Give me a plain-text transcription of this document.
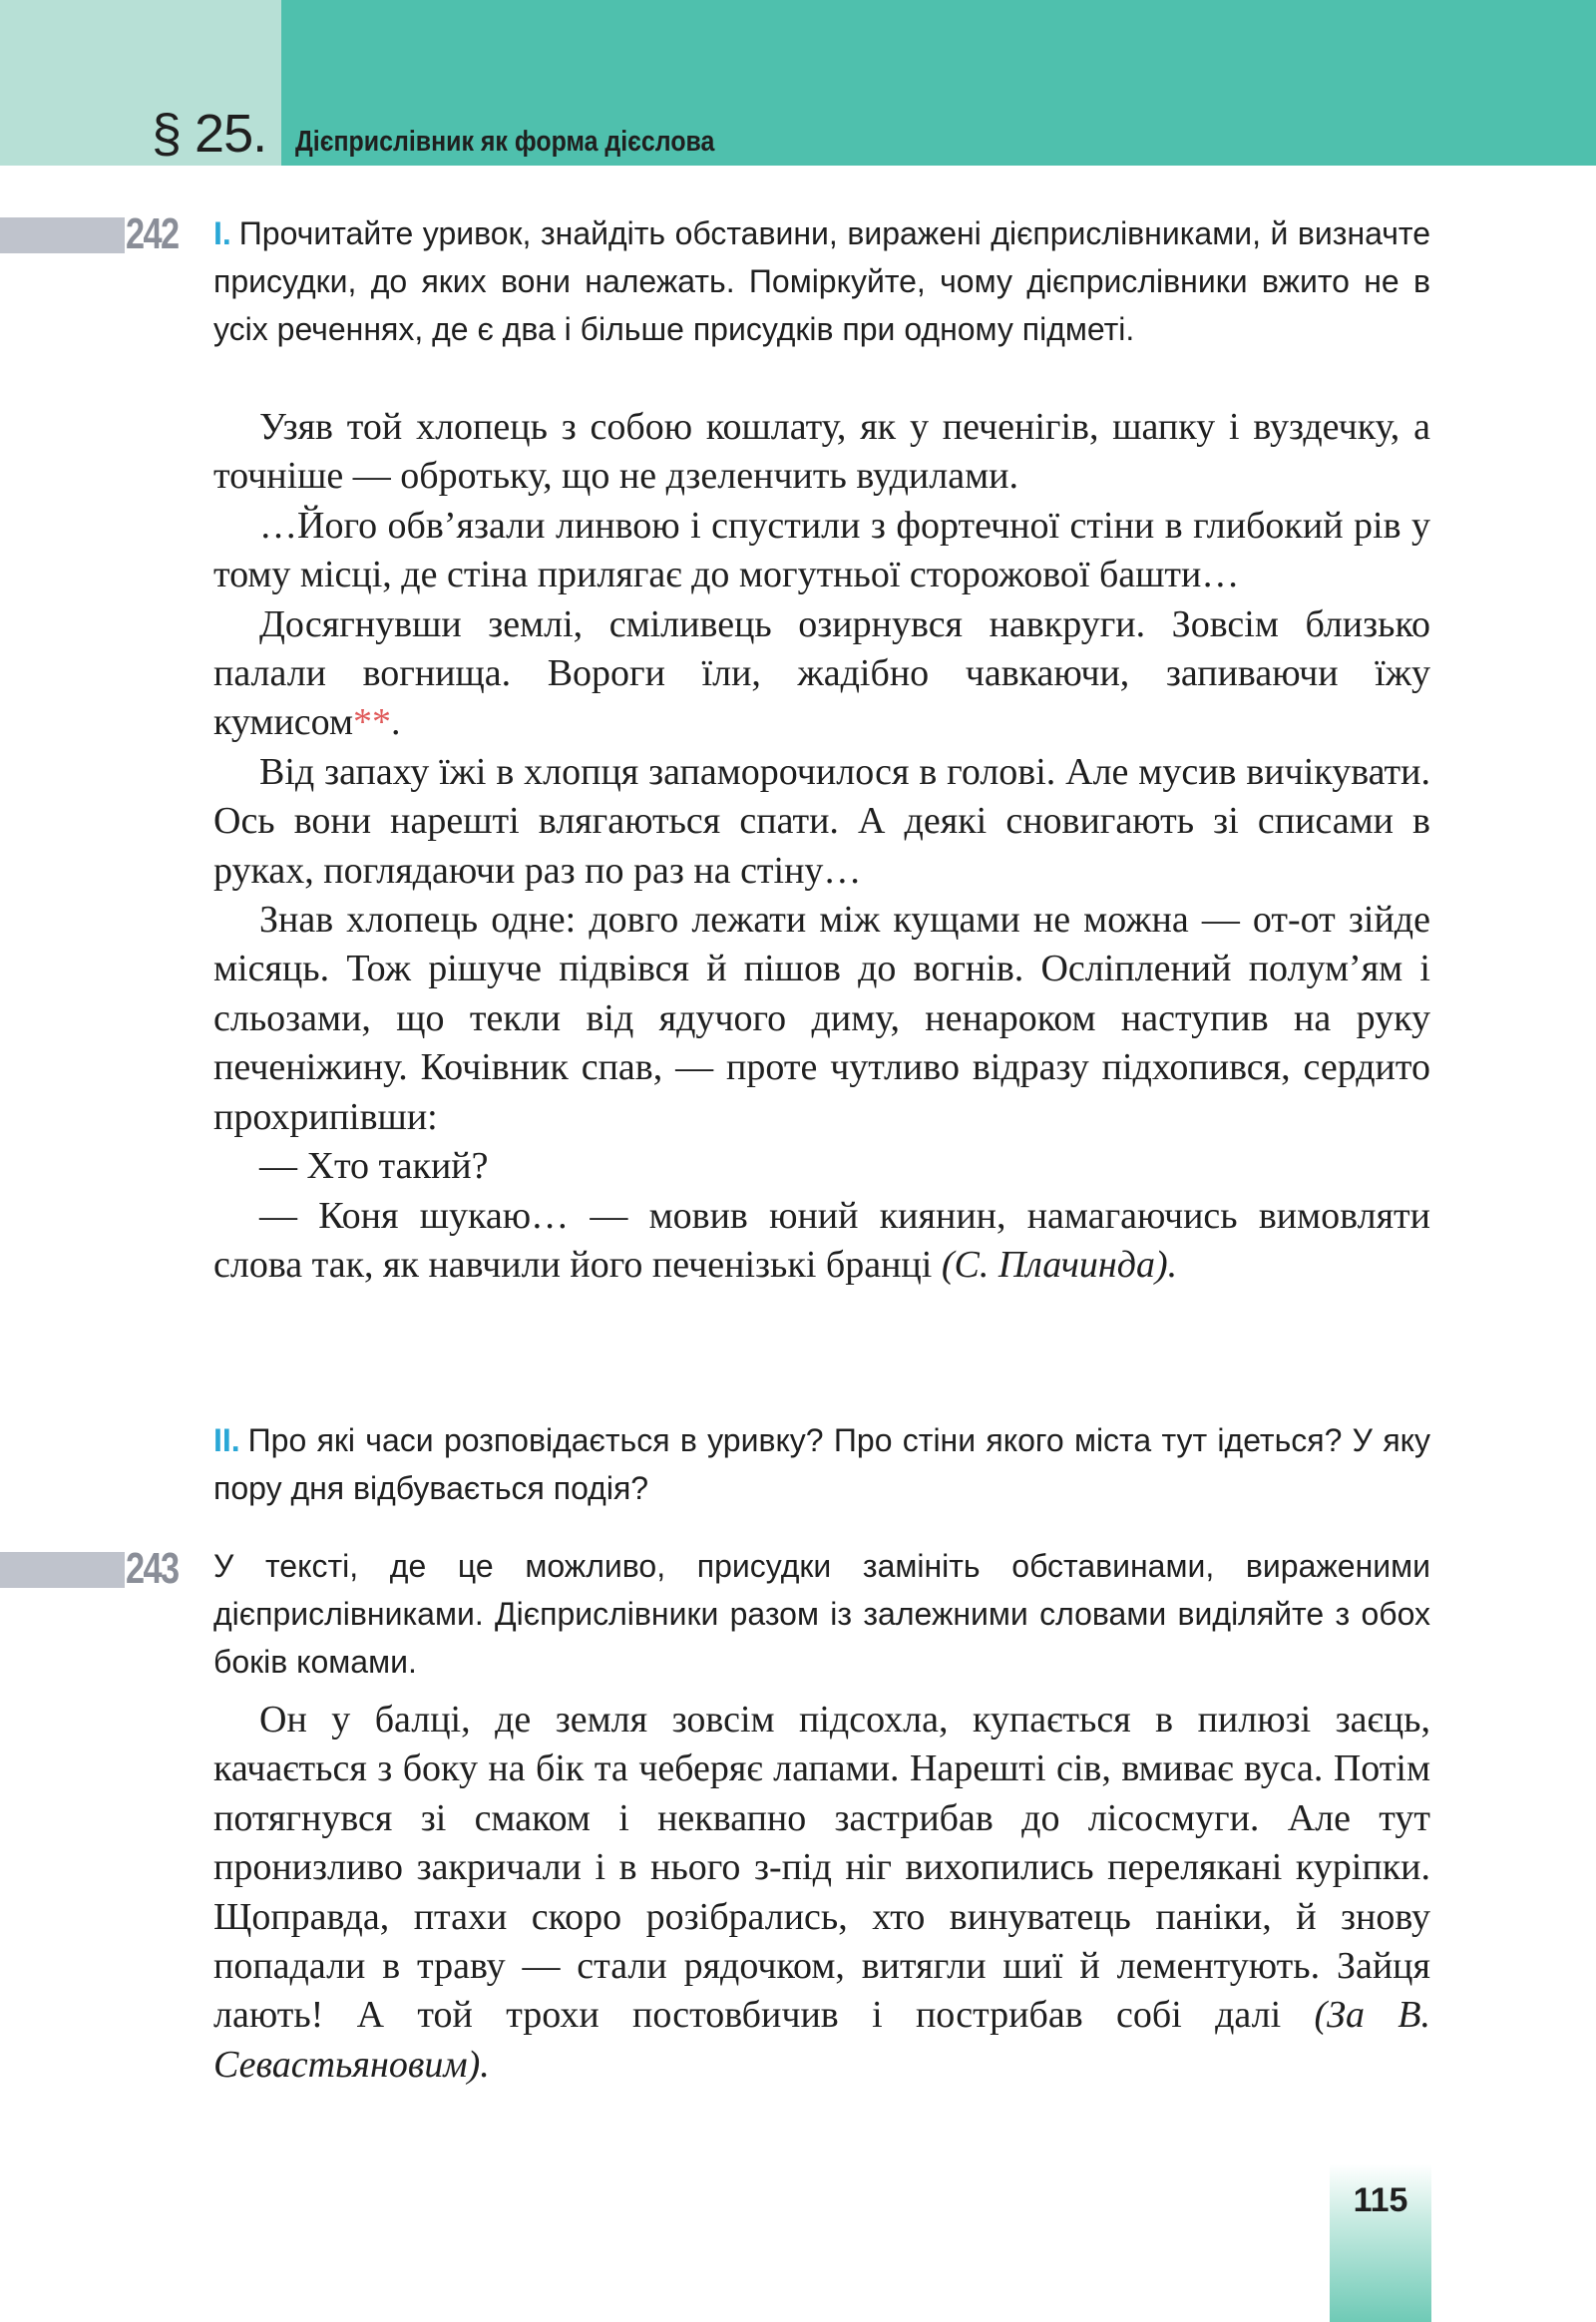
§ 25. Дієприслівник як форма дієслова
242 І. Прочитайте уривок, знайдіть обставини, виражені дієприслівниками, й визначте присудки, до яких вони належать. Поміркуйте, чому дієприслівники вжито не в усіх реченнях, де є два і більше присудків при одному підметі.

Узяв той хлопець з собою кошлату, як у печенігів, шапку і вуздечку, а точніше — обротьку, що не дзеленчить вудилами.

…Його обв’язали линвою і спустили з фортечної стіни в глибокий рів у тому місці, де стіна прилягає до могутньої сторожової башти…

Досягнувши землі, сміливець озирнувся навкруги. Зовсім близько палали вогнища. Вороги їли, жадібно чавкаючи, запиваючи їжу кумисом**.

Від запаху їжі в хлопця запаморочилося в голові. Але мусив вичікувати. Ось вони нарешті влягаються спати. А деякі сновигають зі списами в руках, поглядаючи раз по раз на стіну…

Знав хлопець одне: довго лежати між кущами не можна — от-от зійде місяць. Тож рішуче підвівся й пішов до вогнів. Осліплений полум’ям і сльозами, що текли від ядучого диму, ненароком наступив на руку печеніжину. Кочівник спав, — проте чутливо відразу підхопився, сердито прохрипівши:

— Хто такий?

— Коня шукаю… — мовив юний киянин, намагаючись вимовляти слова так, як навчили його печенізькі бранці (С. Плачинда).

ІІ. Про які часи розповідається в уривку? Про стіни якого міста тут ідеться? У яку пору дня відбувається подія?
243 У тексті, де це можливо, присудки замініть обставинами, вираженими дієприслівниками. Дієприслівники разом із залежними словами виділяйте з обох боків комами.

Он у балці, де земля зовсім підсохла, купається в пилюзі заєць, качається з боку на бік та чеберяє лапами. Нарешті сів, вмиває вуса. Потім потягнувся зі смаком і неквапно застрибав до лісосмуги. Але тут пронизливо закричали і в нього з-під ніг вихопились перелякані куріпки. Щоправда, птахи скоро розібрались, хто винуватець паніки, й знову попадали в траву — стали рядочком, витягли шиї й лементують. Зайця лають! А той трохи постовбичив і пострибав собі далі (За В. Севастьяновим).

115
